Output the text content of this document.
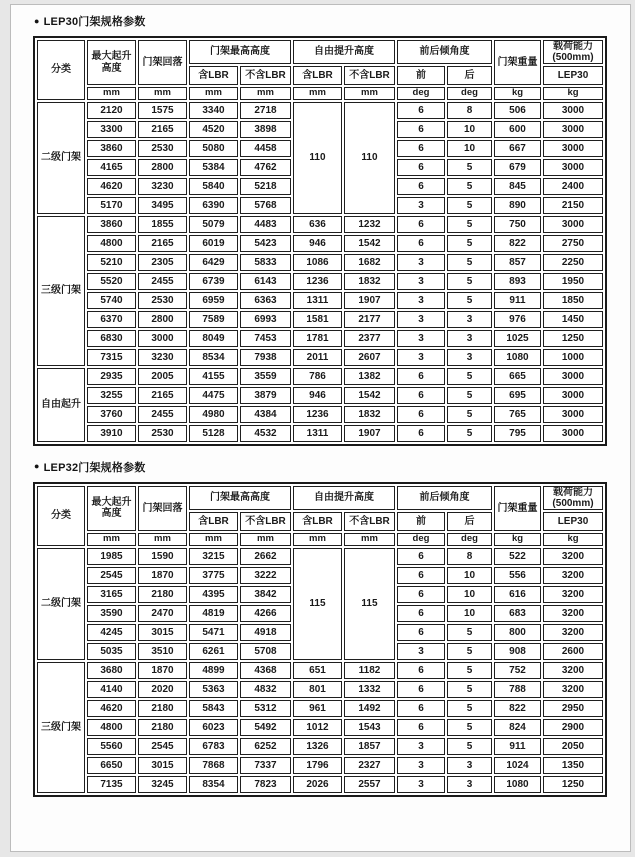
● LEP30门架规格参数
分类	最大起升高度	门架回落	门架最高高度		自由提升高度		前后倾角度		门架重量	载荷能力
(500mm)

			含LBR	不含LBR	含LBR	不含LBR	前	后		LEP30
	mm	mm	mm	mm	mm	mm	deg	deg	kg	kg
二级门架	2120	1575	3340	2718	110	110	6	8	506	3000
	3300	2165	4520	3898			6	10	600	3000
	3860	2530	5080	4458			6	10	667	3000
	4165	2800	5384	4762			6	5	679	3000
	4620	3230	5840	5218			6	5	845	2400
	5170	3495	6390	5768			3	5	890	2150
三级门架	3860	1855	5079	4483	636	1232	6	5	750	3000
	4800	2165	6019	5423	946	1542	6	5	822	2750
	5210	2305	6429	5833	1086	1682	3	5	857	2250
	5520	2455	6739	6143	1236	1832	3	5	893	1950
	5740	2530	6959	6363	1311	1907	3	5	911	1850
	6370	2800	7589	6993	1581	2177	3	3	976	1450
	6830	3000	8049	7453	1781	2377	3	3	1025	1250
	7315	3230	8534	7938	2011	2607	3	3	1080	1000
自由起升	2935	2005	4155	3559	786	1382	6	5	665	3000
	3255	2165	4475	3879	946	1542	6	5	695	3000
	3760	2455	4980	4384	1236	1832	6	5	765	3000
	3910	2530	5128	4532	1311	1907	6	5	795	3000
● LEP32门架规格参数
分类	最大起升高度	门架回落	门架最高高度		自由提升高度		前后倾角度		门架重量	载荷能力
(500mm)

			含LBR	不含LBR	含LBR	不含LBR	前	后		LEP30
	mm	mm	mm	mm	mm	mm	deg	deg	kg	kg
二级门架	1985	1590	3215	2662	115	115	6	8	522	3200
	2545	1870	3775	3222			6	10	556	3200
	3165	2180	4395	3842			6	10	616	3200
	3590	2470	4819	4266			6	10	683	3200
	4245	3015	5471	4918			6	5	800	3200
	5035	3510	6261	5708			3	5	908	2600
三级门架	3680	1870	4899	4368	651	1182	6	5	752	3200
	4140	2020	5363	4832	801	1332	6	5	788	3200
	4620	2180	5843	5312	961	1492	6	5	822	2950
	4800	2180	6023	5492	1012	1543	6	5	824	2900
	5560	2545	6783	6252	1326	1857	3	5	911	2050
	6650	3015	7868	7337	1796	2327	3	3	1024	1350
	7135	3245	8354	7823	2026	2557	3	3	1080	1250
